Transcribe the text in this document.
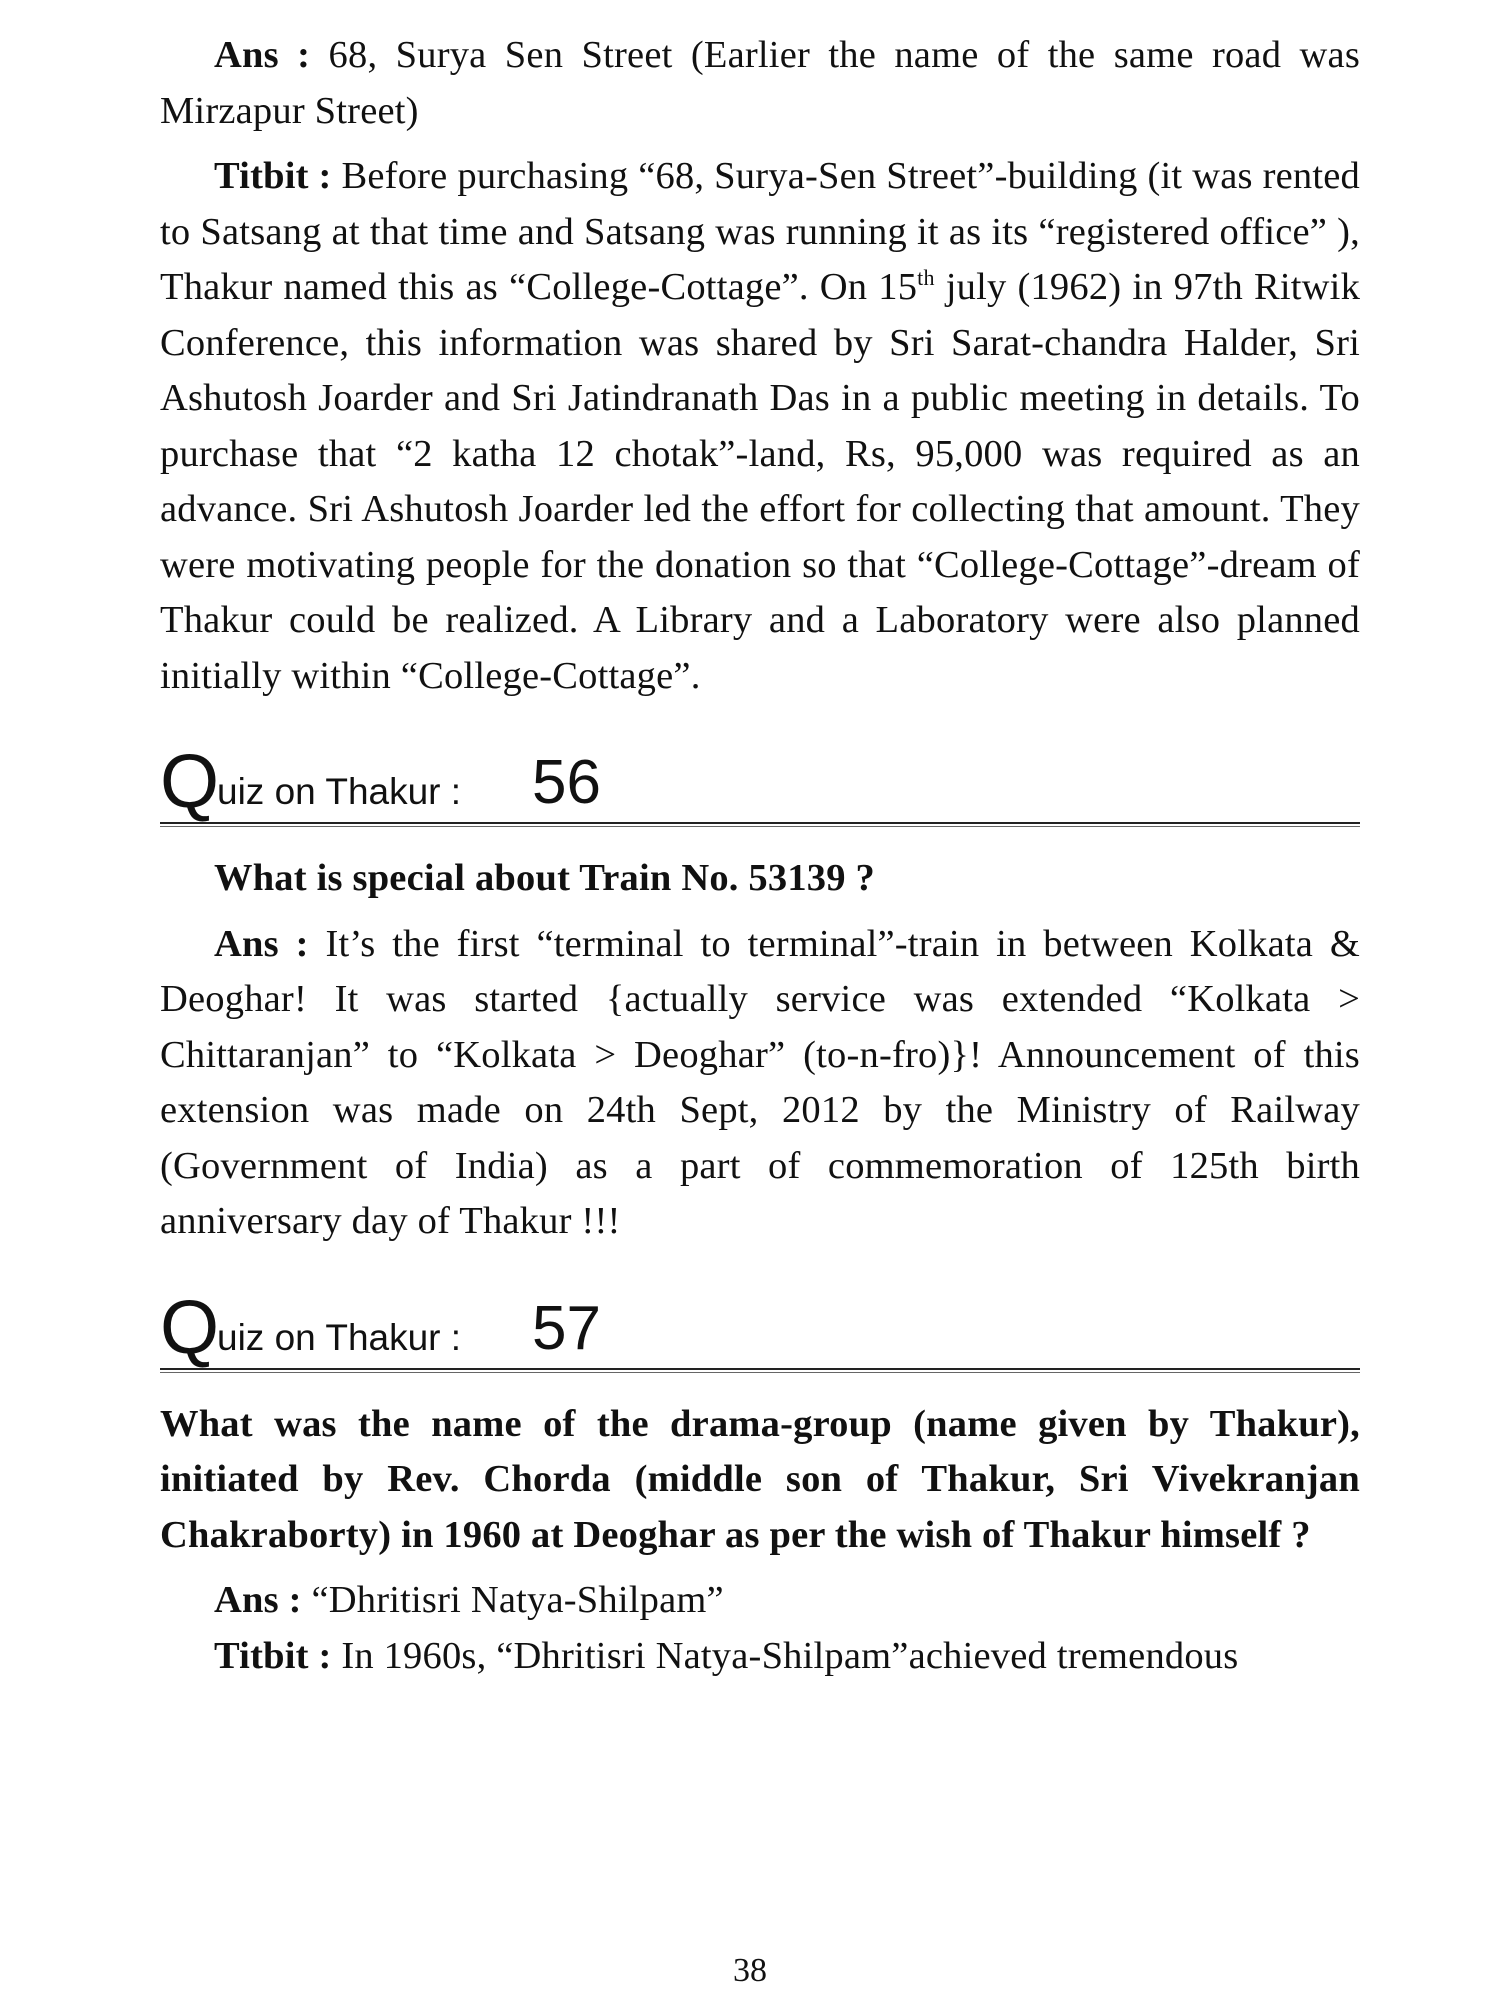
Ans : 68, Surya Sen Street (Earlier the name of the same road was Mirzapur Street)

Titbit : Before purchasing “68, Surya-Sen Street”-building (it was rented to Satsang at that time and Satsang was running it as its “registered office” ), Thakur named this as “College-Cottage”. On 15th july (1962) in 97th Ritwik Conference, this information was shared by Sri Sarat-chandra Halder, Sri Ashutosh Joarder and Sri Jatindranath Das in a public meeting in details. To purchase that “2 katha 12 chotak”-land, Rs, 95,000 was required as an advance. Sri Ashutosh Joarder led the effort for collecting that amount. They were motivating people for the donation so that “College-Cottage”-dream of Thakur could be realized. A Library and a Laboratory were also planned initially within “College-Cottage”.

Q
uiz on Thakur : 56

What is special about Train No. 53139 ?

Ans : It’s the first “terminal to terminal”-train in between Kolkata & Deoghar! It was started {actually service was extended “Kolkata > Chittaranjan” to “Kolkata > Deoghar” (to-n-fro)}! Announcement of this extension was made on 24th Sept, 2012 by the Ministry of Railway (Government of India) as a part of commemoration of 125th birth anniversary day of Thakur !!!

Q
uiz on Thakur : 57

What was the name of the drama-group (name given by Thakur), initiated by Rev. Chorda (middle son of Thakur, Sri Vivekranjan Chakraborty) in 1960 at Deoghar as per the wish of Thakur himself ?

Ans : “Dhritisri Natya-Shilpam”

Titbit : In 1960s, “Dhritisri Natya-Shilpam”achieved tremendous

38
